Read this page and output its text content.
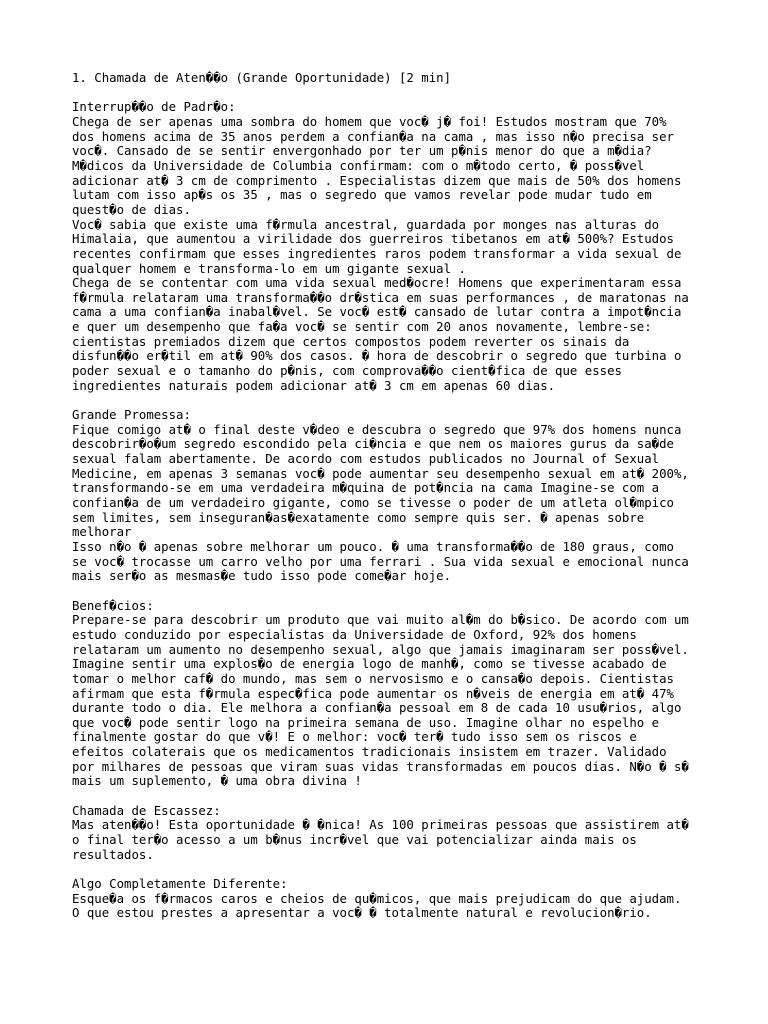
1. Chamada de Aten��o (Grande Oportunidade) [2 min]
Interrup��o de Padr�o:
Chega de ser apenas uma sombra do homem que voc� j� foi! Estudos mostram que 70%
dos homens acima de 35 anos perdem a confian�a na cama , mas isso n�o precisa ser
voc�. Cansado de se sentir envergonhado por ter um p�nis menor do que a m�dia?
M�dicos da Universidade de Columbia confirmam: com o m�todo certo, � poss�vel
adicionar at� 3 cm de comprimento . Especialistas dizem que mais de 50% dos homens
lutam com isso ap�s os 35 , mas o segredo que vamos revelar pode mudar tudo em
quest�o de dias.
Voc� sabia que existe uma f�rmula ancestral, guardada por monges nas alturas do
Himalaia, que aumentou a virilidade dos guerreiros tibetanos em at� 500%? Estudos
recentes confirmam que esses ingredientes raros podem transformar a vida sexual de
qualquer homem e transforma-lo em um gigante sexual .
Chega de se contentar com uma vida sexual med�ocre! Homens que experimentaram essa
f�rmula relataram uma transforma��o dr�stica em suas performances , de maratonas na
cama a uma confian�a inabal�vel. Se voc� est� cansado de lutar contra a impot�ncia
e quer um desempenho que fa�a voc� se sentir com 20 anos novamente, lembre-se:
cientistas premiados dizem que certos compostos podem reverter os sinais da
disfun��o er�til em at� 90% dos casos. � hora de descobrir o segredo que turbina o
poder sexual e o tamanho do p�nis, com comprova��o cient�fica de que esses
ingredientes naturais podem adicionar at� 3 cm em apenas 60 dias.
Grande Promessa:
Fique comigo at� o final deste v�deo e descubra o segredo que 97% dos homens nunca
descobrir�o�um segredo escondido pela ci�ncia e que nem os maiores gurus da sa�de
sexual falam abertamente. De acordo com estudos publicados no Journal of Sexual
Medicine, em apenas 3 semanas voc� pode aumentar seu desempenho sexual em at� 200%,
transformando-se em uma verdadeira m�quina de pot�ncia na cama Imagine-se com a
confian�a de um verdadeiro gigante, como se tivesse o poder de um atleta ol�mpico
sem limites, sem inseguran�as�exatamente como sempre quis ser. � apenas sobre
melhorar
Isso n�o � apenas sobre melhorar um pouco. � uma transforma��o de 180 graus, como
se voc� trocasse um carro velho por uma ferrari . Sua vida sexual e emocional nunca
mais ser�o as mesmas�e tudo isso pode come�ar hoje.
Benef�cios:
Prepare-se para descobrir um produto que vai muito al�m do b�sico. De acordo com um
estudo conduzido por especialistas da Universidade de Oxford, 92% dos homens
relataram um aumento no desempenho sexual, algo que jamais imaginaram ser poss�vel.
Imagine sentir uma explos�o de energia logo de manh�, como se tivesse acabado de
tomar o melhor caf� do mundo, mas sem o nervosismo e o cansa�o depois. Cientistas
afirmam que esta f�rmula espec�fica pode aumentar os n�veis de energia em at� 47%
durante todo o dia. Ele melhora a confian�a pessoal em 8 de cada 10 usu�rios, algo
que voc� pode sentir logo na primeira semana de uso. Imagine olhar no espelho e
finalmente gostar do que v�! E o melhor: voc� ter� tudo isso sem os riscos e
efeitos colaterais que os medicamentos tradicionais insistem em trazer. Validado
por milhares de pessoas que viram suas vidas transformadas em poucos dias. N�o � s�
mais um suplemento, � uma obra divina !
Chamada de Escassez:
Mas aten��o! Esta oportunidade � �nica! As 100 primeiras pessoas que assistirem at�
o final ter�o acesso a um b�nus incr�vel que vai potencializar ainda mais os
resultados.
Algo Completamente Diferente:
Esque�a os f�rmacos caros e cheios de qu�micos, que mais prejudicam do que ajudam.
O que estou prestes a apresentar a voc� � totalmente natural e revolucion�rio.
